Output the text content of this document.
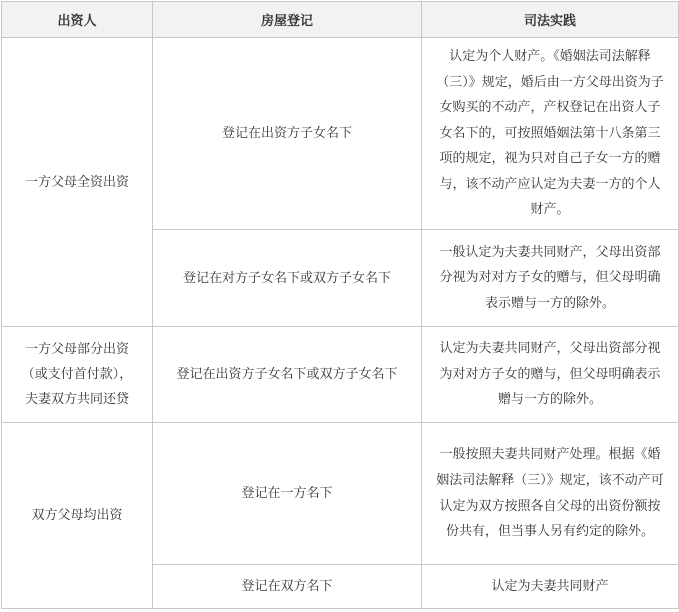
出资人	房屋登记	司法实践
一方父母全资出资	登记在出资方子女名下	认定为个人财产。《婚姻法司法解释（三）》规定，婚后由一方父母出资为子女购买的不动产，产权登记在出资人子女名下的，可按照婚姻法第十八条第三项的规定，视为只对自己子女一方的赠与，该不动产应认定为夫妻一方的个人财产。

	登记在对方子女名下或双方子女名下	一般认定为夫妻共同财产，父母出资部分视为对对方子女的赠与，但父母明确表示赠与一方的除外。

一方父母部分出资（或支付首付款），夫妻双方共同还贷	登记在出资方子女名下或双方子女名下	认定为夫妻共同财产，父母出资部分视为对对方子女的赠与，但父母明确表示赠与一方的除外。

双方父母均出资	登记在一方名下	一般按照夫妻共同财产处理。根据《婚姻法司法解释（三）》规定，该不动产可认定为双方按照各自父母的出资份额按份共有，但当事人另有约定的除外。

	登记在双方名下	认定为夫妻共同财产
